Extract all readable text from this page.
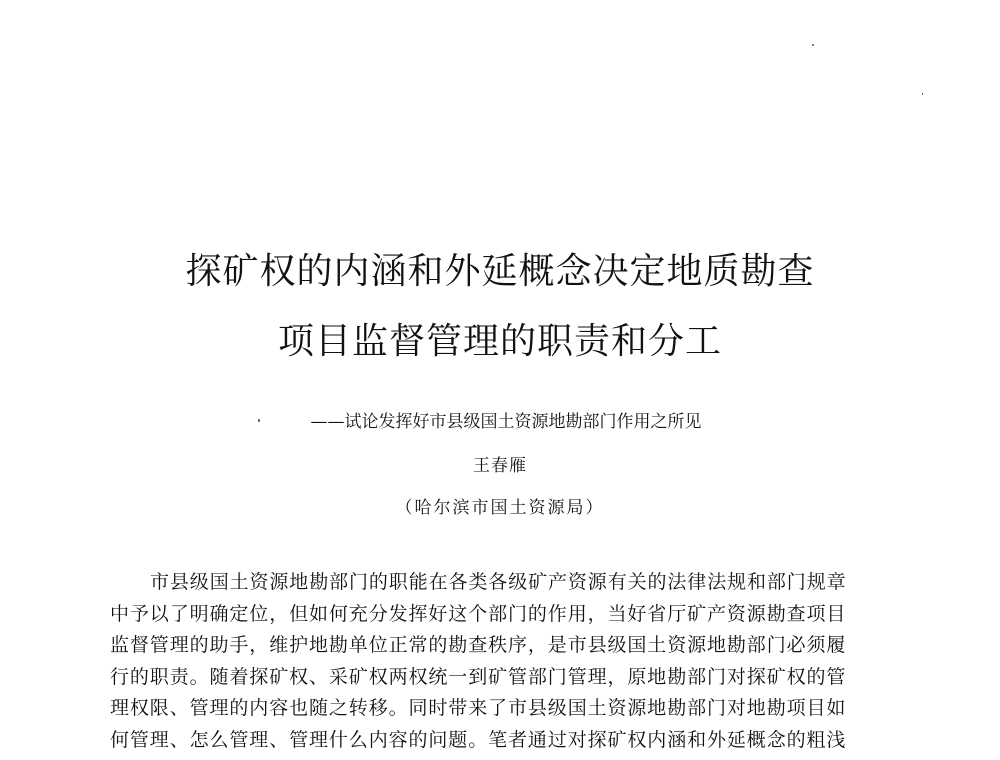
探矿权的内涵和外延概念决定地质勘查
项目监督管理的职责和分工
——试论发挥好市县级国土资源地勘部门作用之所见
王春雁
（哈尔滨市国土资源局）
市县级国土资源地勘部门的职能在各类各级矿产资源有关的法律法规和部门规章
中予以了明确定位，但如何充分发挥好这个部门的作用，当好省厅矿产资源勘查项目
监督管理的助手，维护地勘单位正常的勘查秩序，是市县级国土资源地勘部门必须履
行的职责。随着探矿权、采矿权两权统一到矿管部门管理，原地勘部门对探矿权的管
理权限、管理的内容也随之转移。同时带来了市县级国土资源地勘部门对地勘项目如
何管理、怎么管理、管理什么内容的问题。笔者通过对探矿权内涵和外延概念的粗浅
